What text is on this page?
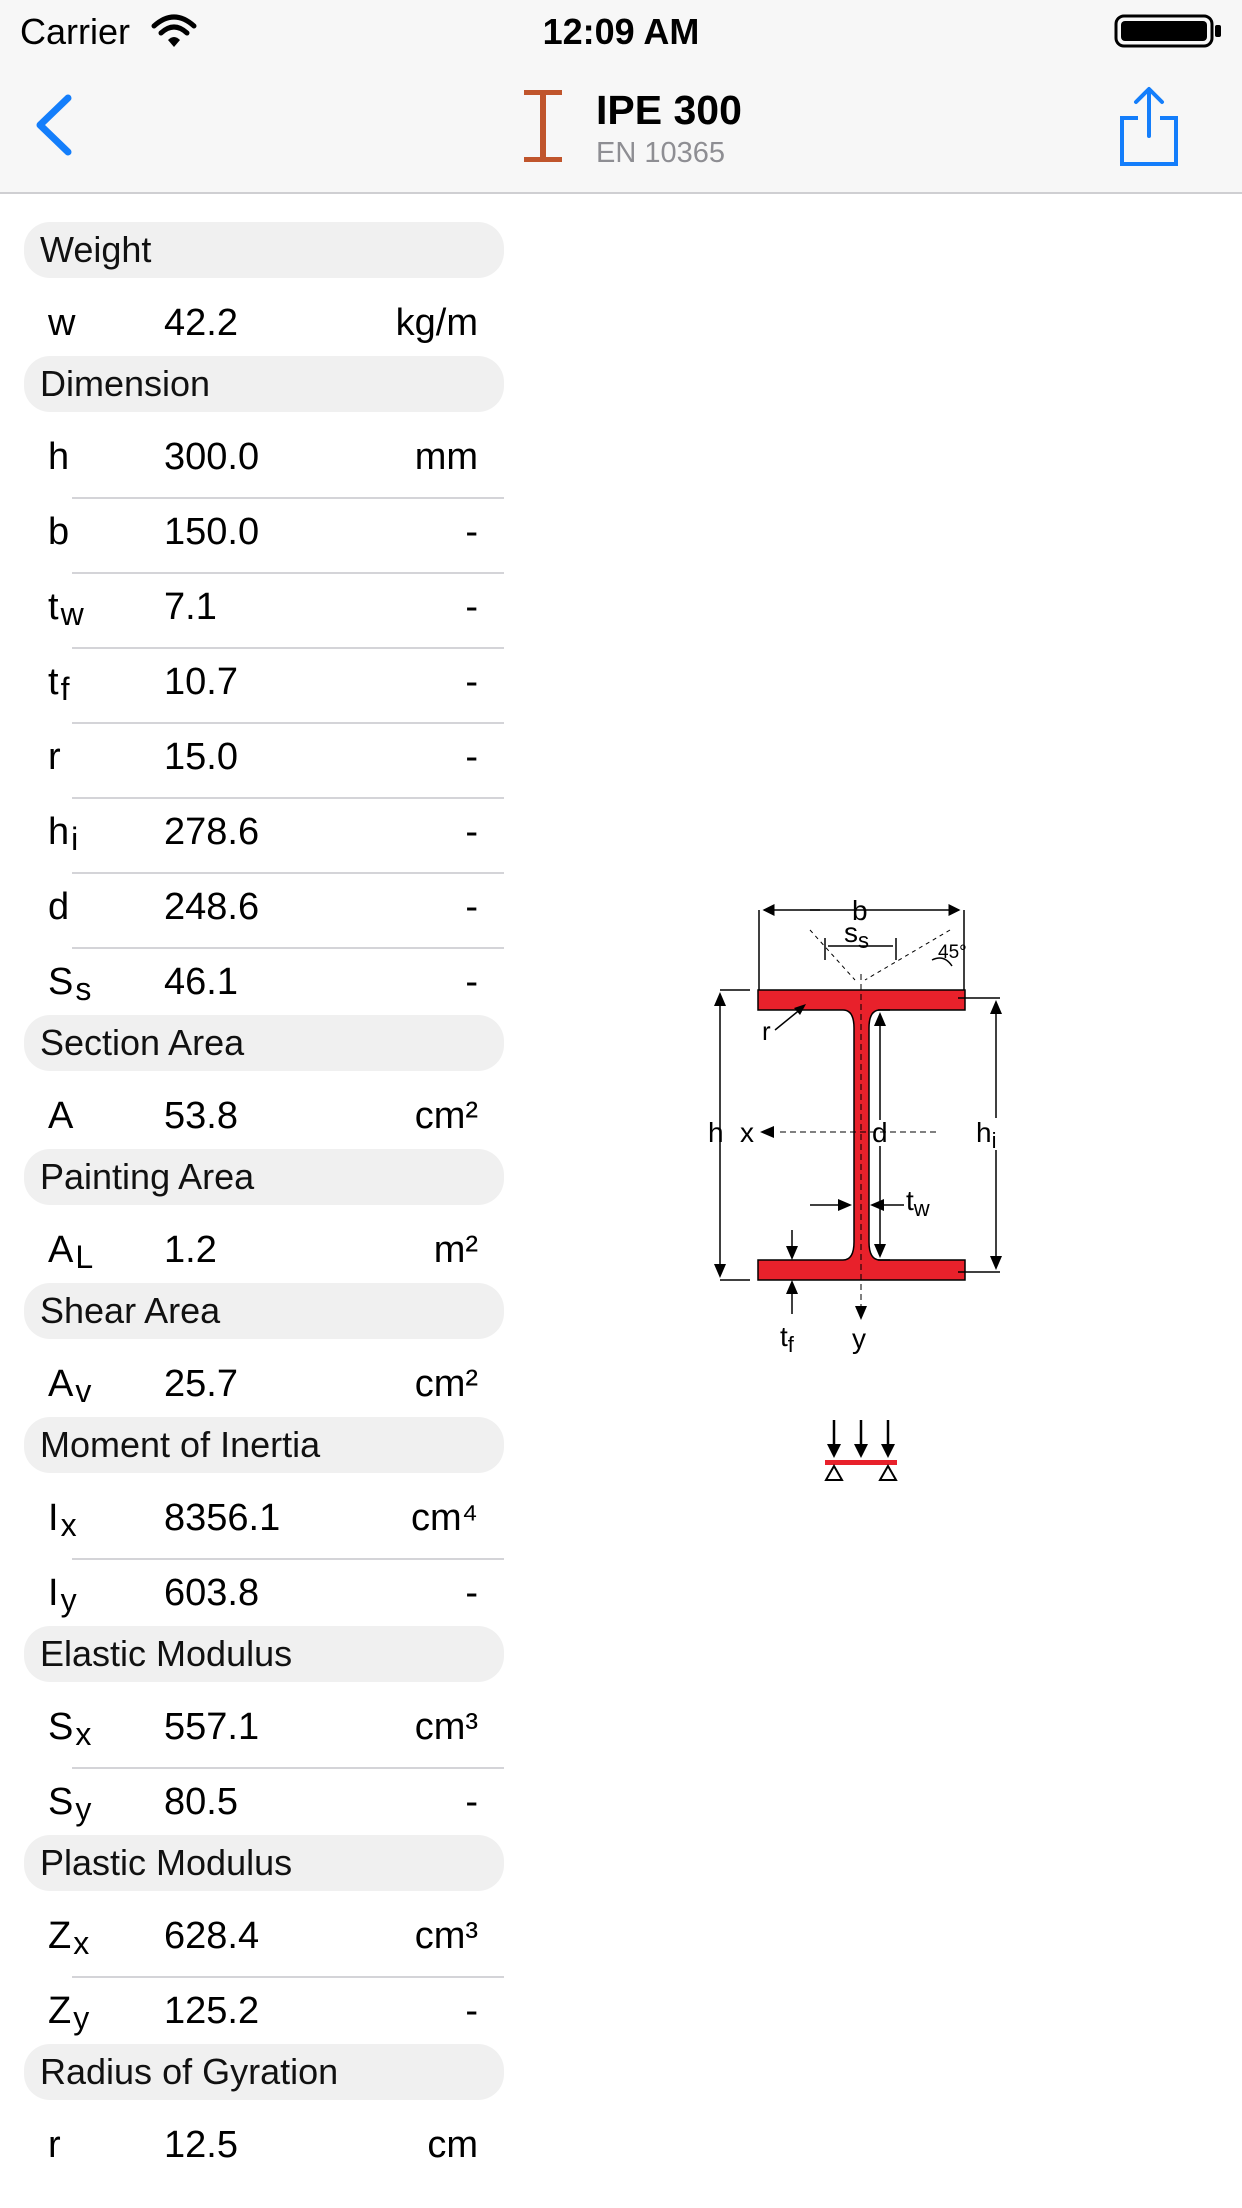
Carrier	12:09 AM
IPE 300
EN 10365
Weight
w 42.2	kg/m
Dimension
h 300.0	mm
b 150.0	-
$t_w$ 7.1	-
$t_f$ 10.7	-
r	15.0	-
$h_i$ 278.6	-
d 248.6	-
$S_s$ 46.1	-
Section Area
A 53.8	cm²
Painting Area
$A_L$ 1.2	m²
Shear Area
$A_v$ 25.7	cm²
Moment of Inertia
$I_x$ 8356.1	cm⁴
$I_y$ 603.8	-
Elastic Modulus
$S_x$ 557.1	cm³
$S_y$ 80.5	-
Plastic Modulus
$Z_x$ 628.4	cm³
$Z_y$ 125.2	-
Radius of Gyration
r	12.5	cm
b
$s_s$	45°
h x
r
d	$h_i$
$t_w$
$t_f$ y
